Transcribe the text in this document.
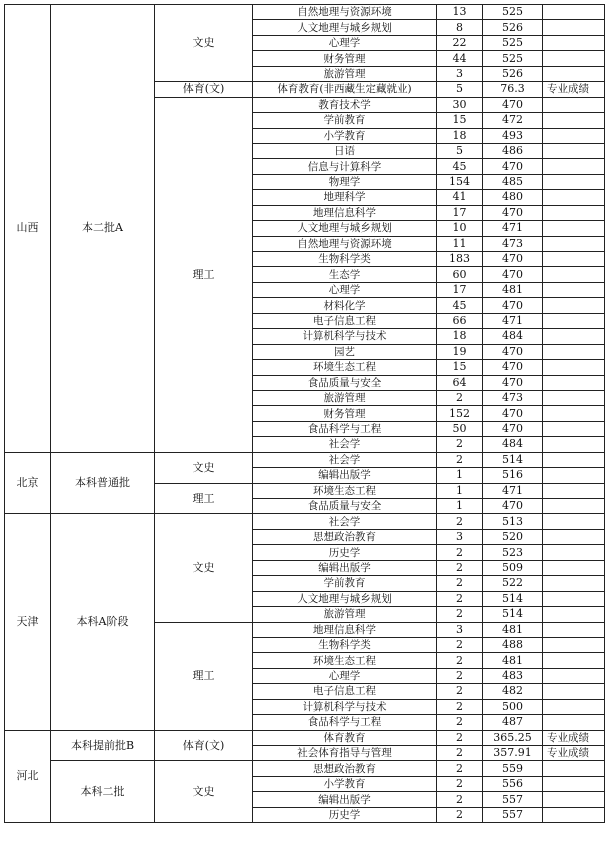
山西	本二批A	文史	自然地理与资源环境	13	525	
			人文地理与城乡规划	8	526	
			心理学	22	525	
			财务管理	44	525	
			旅游管理	3	526	
		体育(文)	体育教育(非西藏生定藏就业)	5	76.3	专业成绩
		理工	教育技术学	30	470	
			学前教育	15	472	
			小学教育	18	493	
			日语	5	486	
			信息与计算科学	45	470	
			物理学	154	485	
			地理科学	41	480	
			地理信息科学	17	470	
			人文地理与城乡规划	10	471	
			自然地理与资源环境	11	473	
			生物科学类	183	470	
			生态学	60	470	
			心理学	17	481	
			材料化学	45	470	
			电子信息工程	66	471	
			计算机科学与技术	18	484	
			园艺	19	470	
			环境生态工程	15	470	
			食品质量与安全	64	470	
			旅游管理	2	473	
			财务管理	152	470	
			食品科学与工程	50	470	
			社会学	2	484	
北京	本科普通批	文史	社会学	2	514	
			编辑出版学	1	516	
		理工	环境生态工程	1	471	
			食品质量与安全	1	470	
天津	本科A阶段	文史	社会学	2	513	
			思想政治教育	3	520	
			历史学	2	523	
			编辑出版学	2	509	
			学前教育	2	522	
			人文地理与城乡规划	2	514	
			旅游管理	2	514	
		理工	地理信息科学	3	481	
			生物科学类	2	488	
			环境生态工程	2	481	
			心理学	2	483	
			电子信息工程	2	482	
			计算机科学与技术	2	500	
			食品科学与工程	2	487	
河北	本科提前批B	体育(文)	体育教育	2	365.25	专业成绩
			社会体育指导与管理	2	357.91	专业成绩
	本科二批	文史	思想政治教育	2	559	
			小学教育	2	556	
			编辑出版学	2	557	
			历史学	2	557	
